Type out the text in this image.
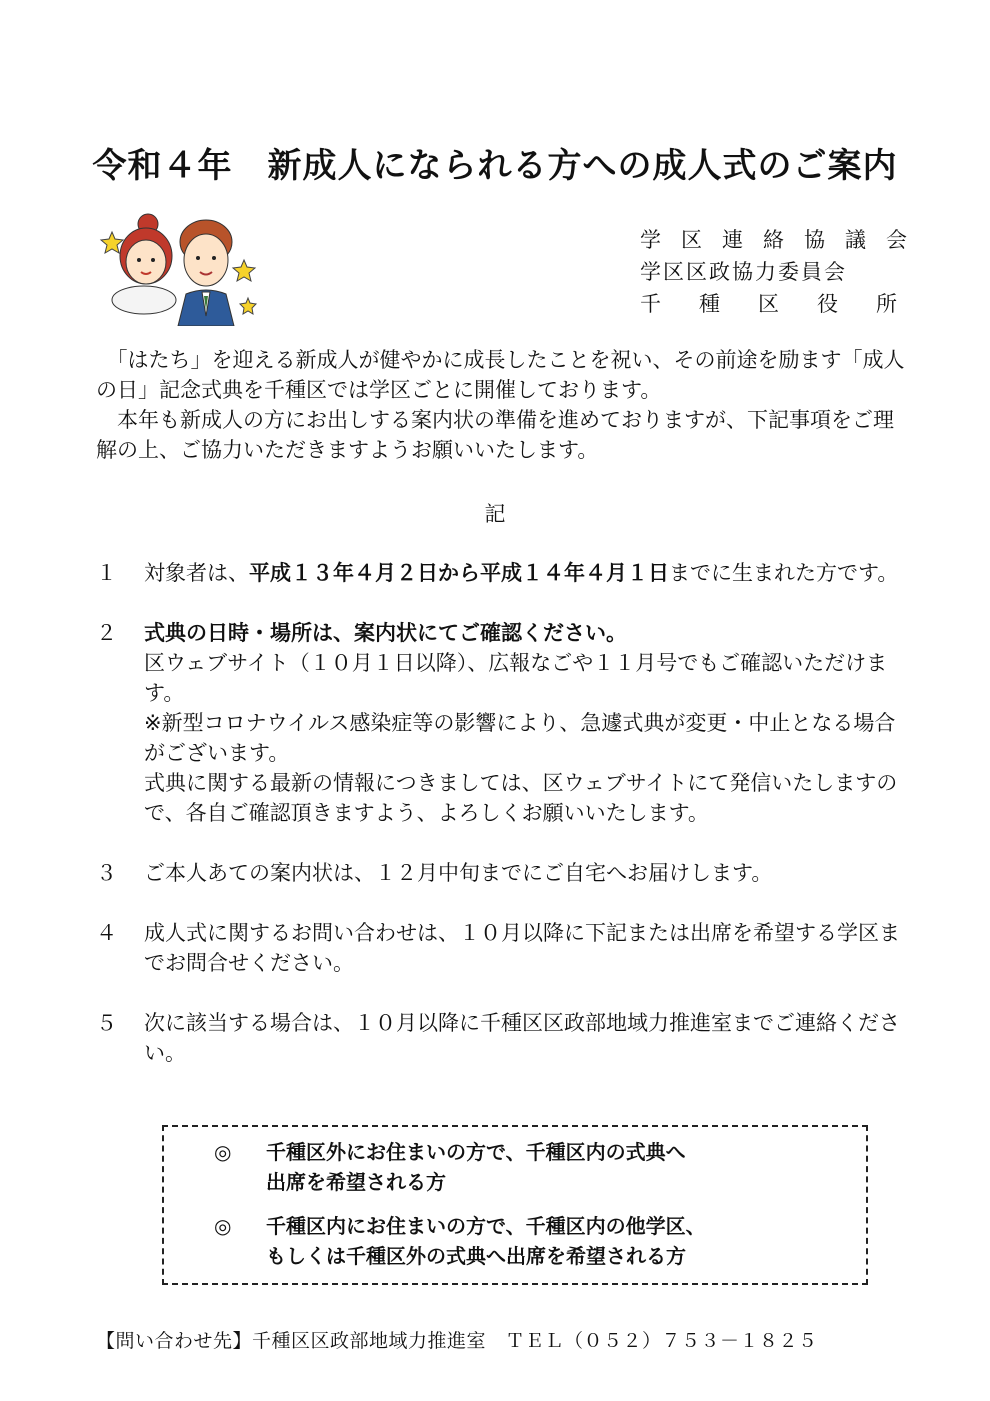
令和４年　新成人になられる方への成人式のご案内
学区連絡協議会
学区区政協力委員会
千種区役所

　「はたち」を迎える新成人が健やかに成長したことを祝い、その前途を励ます「成人の日」記念式典を千種区では学区ごとに開催しております。

　本年も新成人の方にお出しする案内状の準備を進めておりますが、下記事項をご理解の上、ご協力いただきますようお願いいたします。

記
１ 対象者は、平成１３年４月２日から平成１４年４月１日までに生まれた方です。

２ 式典の日時・場所は、案内状にてご確認ください。

区ウェブサイト（１０月１日以降）、広報なごや１１月号でもご確認いただけます。

※新型コロナウイルス感染症等の影響により、急遽式典が変更・中止となる場合がございます。

式典に関する最新の情報につきましては、区ウェブサイトにて発信いたしますので、各自ご確認頂きますよう、よろしくお願いいたします。

３ ご本人あての案内状は、１２月中旬までにご自宅へお届けします。

４ 成人式に関するお問い合わせは、１０月以降に下記または出席を希望する学区までお問合せください。

５ 次に該当する場合は、１０月以降に千種区区政部地域力推進室までご連絡ください。

◎ 千種区外にお住まいの方で、千種区内の式典へ
出席を希望される方
◎ 千種区内にお住まいの方で、千種区内の他学区、
もしくは千種区外の式典へ出席を希望される方
【問い合わせ先】千種区区政部地域力推進室　ＴＥＬ（０５２）７５３－１８２５
